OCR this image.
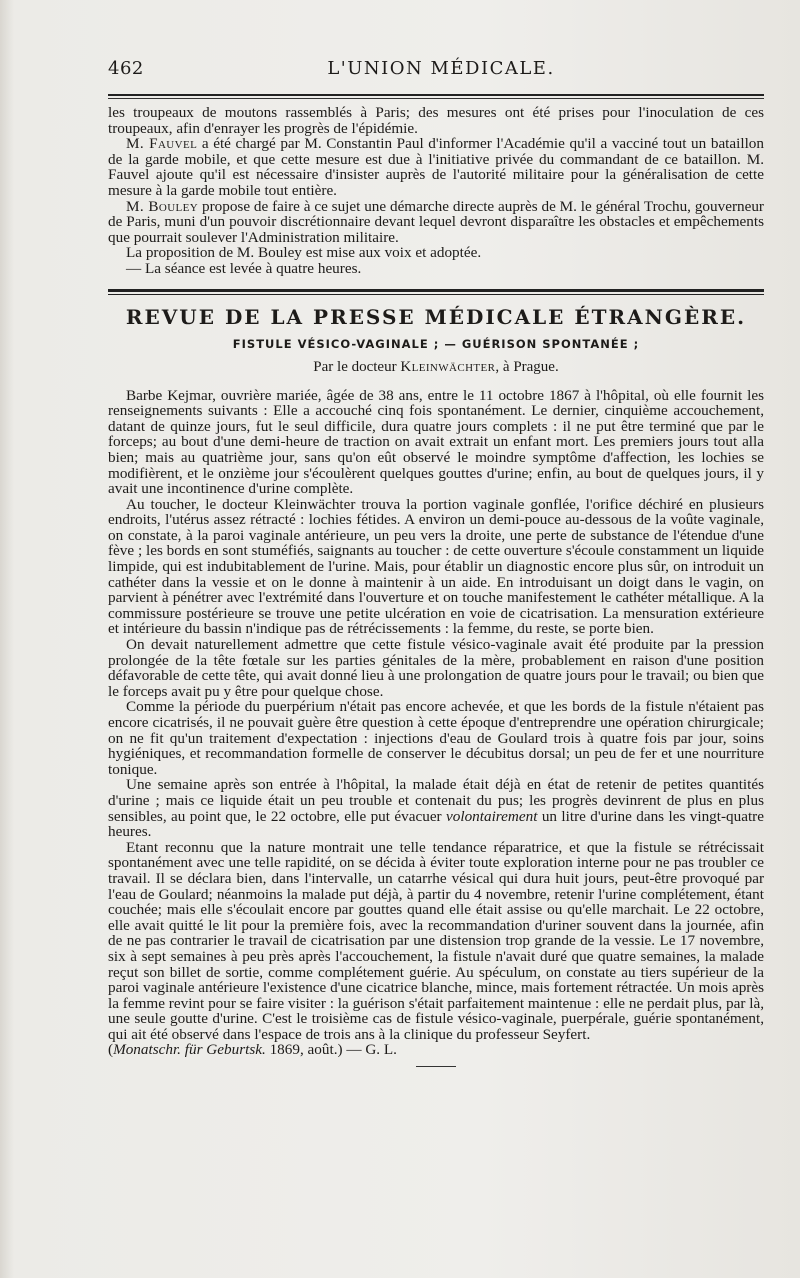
462	L'UNION MÉDICALE.

les troupeaux de moutons rassemblés à Paris; des mesures ont été prises pour l'inoculation de ces troupeaux, afin d'enrayer les progrès de l'épidémie.

M. Fauvel a été chargé par M. Constantin Paul d'informer l'Académie qu'il a vacciné tout un bataillon de la garde mobile, et que cette mesure est due à l'initiative privée du commandant de ce bataillon. M. Fauvel ajoute qu'il est nécessaire d'insister auprès de l'autorité militaire pour la généralisation de cette mesure à la garde mobile tout entière.

M. Bouley propose de faire à ce sujet une démarche directe auprès de M. le général Trochu, gouverneur de Paris, muni d'un pouvoir discrétionnaire devant lequel devront disparaître les obstacles et empêchements que pourrait soulever l'Administration militaire.

La proposition de M. Bouley est mise aux voix et adoptée.

— La séance est levée à quatre heures.

REVUE DE LA PRESSE MÉDICALE ÉTRANGÈRE.
FISTULE VÉSICO-VAGINALE ; — GUÉRISON SPONTANÉE ;
Par le docteur Kleinwächter, à Prague.

Barbe Kejmar, ouvrière mariée, âgée de 38 ans, entre le 11 octobre 1867 à l'hôpital, où elle fournit les renseignements suivants : Elle a accouché cinq fois spontanément. Le dernier, cinquième accouchement, datant de quinze jours, fut le seul difficile, dura quatre jours complets : il ne put être terminé que par le forceps; au bout d'une demi-heure de traction on avait extrait un enfant mort. Les premiers jours tout alla bien; mais au quatrième jour, sans qu'on eût observé le moindre symptôme d'affection, les lochies se modifièrent, et le onzième jour s'écoulèrent quelques gouttes d'urine; enfin, au bout de quelques jours, il y avait une incontinence d'urine complète.

Au toucher, le docteur Kleinwächter trouva la portion vaginale gonflée, l'orifice déchiré en plusieurs endroits, l'utérus assez rétracté : lochies fétides. A environ un demi-pouce au-dessous de la voûte vaginale, on constate, à la paroi vaginale antérieure, un peu vers la droite, une perte de substance de l'étendue d'une fève ; les bords en sont stuméfiés, saignants au toucher : de cette ouverture s'écoule constamment un liquide limpide, qui est indubitablement de l'urine. Mais, pour établir un diagnostic encore plus sûr, on introduit un cathéter dans la vessie et on le donne à maintenir à un aide. En introduisant un doigt dans le vagin, on parvient à pénétrer avec l'extrémité dans l'ouverture et on touche manifestement le cathéter métallique. A la commissure postérieure se trouve une petite ulcération en voie de cicatrisation. La mensuration extérieure et intérieure du bassin n'indique pas de rétrécissements : la femme, du reste, se porte bien.

On devait naturellement admettre que cette fistule vésico-vaginale avait été produite par la pression prolongée de la tête fœtale sur les parties génitales de la mère, probablement en raison d'une position défavorable de cette tête, qui avait donné lieu à une prolongation de quatre jours pour le travail; ou bien que le forceps avait pu y être pour quelque chose.

Comme la période du puerpérium n'était pas encore achevée, et que les bords de la fistule n'étaient pas encore cicatrisés, il ne pouvait guère être question à cette époque d'entreprendre une opération chirurgicale; on ne fit qu'un traitement d'expectation : injections d'eau de Goulard trois à quatre fois par jour, soins hygiéniques, et recommandation formelle de conserver le décubitus dorsal; un peu de fer et une nourriture tonique.

Une semaine après son entrée à l'hôpital, la malade était déjà en état de retenir de petites quantités d'urine ; mais ce liquide était un peu trouble et contenait du pus; les progrès devinrent de plus en plus sensibles, au point que, le 22 octobre, elle put évacuer volontairement un litre d'urine dans les vingt-quatre heures.

Etant reconnu que la nature montrait une telle tendance réparatrice, et que la fistule se rétrécissait spontanément avec une telle rapidité, on se décida à éviter toute exploration interne pour ne pas troubler ce travail. Il se déclara bien, dans l'intervalle, un catarrhe vésical qui dura huit jours, peut-être provoqué par l'eau de Goulard; néanmoins la malade put déjà, à partir du 4 novembre, retenir l'urine complétement, étant couchée; mais elle s'écoulait encore par gouttes quand elle était assise ou qu'elle marchait. Le 22 octobre, elle avait quitté le lit pour la première fois, avec la recommandation d'uriner souvent dans la journée, afin de ne pas contrarier le travail de cicatrisation par une distension trop grande de la vessie. Le 17 novembre, six à sept semaines à peu près après l'accouchement, la fistule n'avait duré que quatre semaines, la malade reçut son billet de sortie, comme complétement guérie. Au spéculum, on constate au tiers supérieur de la paroi vaginale antérieure l'existence d'une cicatrice blanche, mince, mais fortement rétractée. Un mois après la femme revint pour se faire visiter : la guérison s'était parfaitement maintenue : elle ne perdait plus, par là, une seule goutte d'urine. C'est le troisième cas de fistule vésico-vaginale, puerpérale, guérie spontanément, qui ait été observé dans l'espace de trois ans à la clinique du professeur Seyfert.

(Monatschr. für Geburtsk. 1869, août.) — G. L.
